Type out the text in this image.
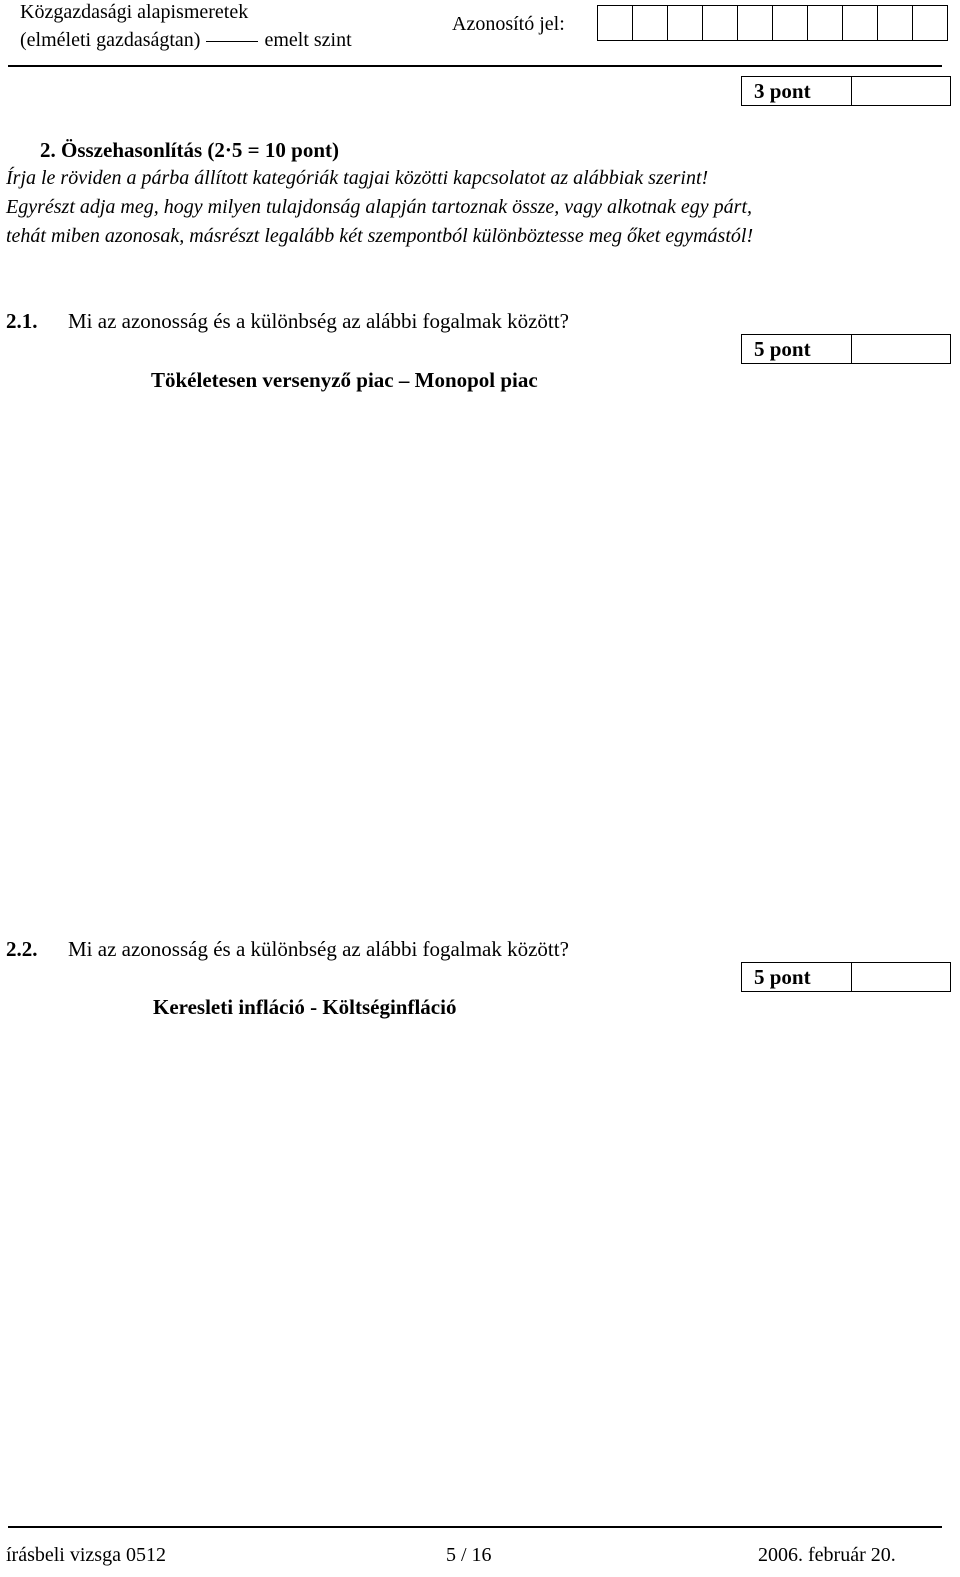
Közgazdasági alapismeretek
(elméleti gazdaságtan)	emelt szint
Azonosító jel:
3 pont
2. Összehasonlítás (2·5 = 10 pont)
Írja le röviden a párba állított kategóriák tagjai közötti kapcsolatot az alábbiak szerint!
Egyrészt adja meg, hogy milyen tulajdonság alapján tartoznak össze, vagy alkotnak egy párt,
tehát miben azonosak, másrészt legalább két szempontból különböztesse meg őket egymástól!
2.1. Mi az azonosság és a különbség az alábbi fogalmak között?
5 pont
Tökéletesen versenyző piac – Monopol piac
2.2. Mi az azonosság és a különbség az alábbi fogalmak között?
5 pont
Keresleti infláció - Költséginfláció
írásbeli vizsga 0512	5 / 16	2006. február 20.
